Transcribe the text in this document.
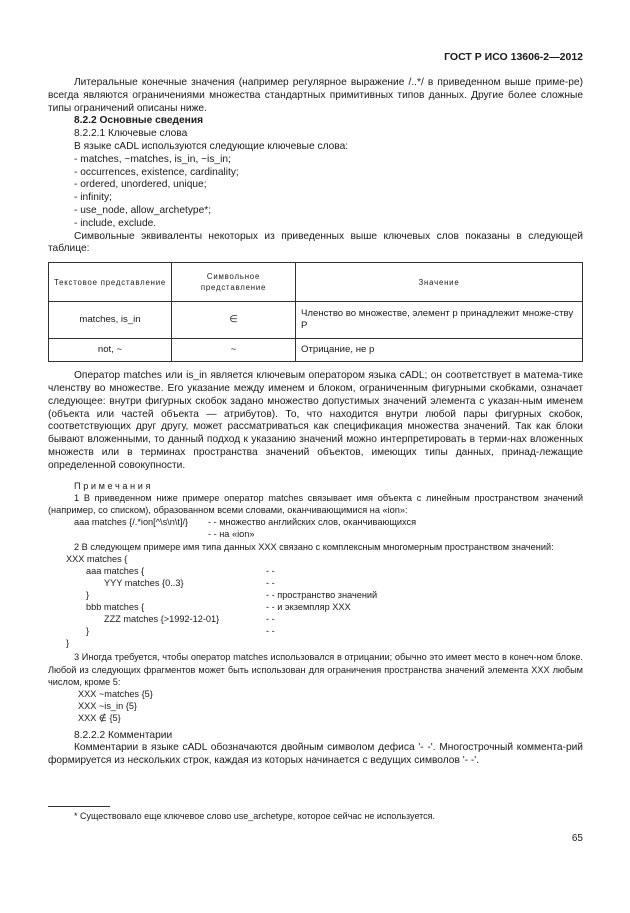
ГОСТ Р ИСО 13606-2—2012

Литеральные конечные значения (например регулярное выражение /..*/ в приведенном выше приме-ре) всегда являются ограничениями множества стандартных примитивных типов данных. Другие более сложные типы ограничений описаны ниже.

8.2.2 Основные сведения

8.2.2.1 Ключевые слова

В языке cADL используются следующие ключевые слова:

- matches, ~matches, is_in, ~is_in;

- occurrences, existence, cardinality;

- ordered, unordered, unique;

- infinity;

- use_node, allow_archetype*;

- include, exclude.

Символьные эквиваленты некоторых из приведенных выше ключевых слов показаны в следующей таблице:

Текстовое представление	Символьное представление	Значение
matches, is_in	∈	Членство во множестве, элемент p принадлежит множе-ству P
not, ~	~	Отрицание, не p

Оператор matches или is_in является ключевым оператором языка cADL; он соответствует в матема-тике членству во множестве. Его указание между именем и блоком, ограниченным фигурными скобками, означает следующее: внутри фигурных скобок задано множество допустимых значений элемента с указан-ным именем (объекта или частей объекта — атрибутов). То, что находится внутри любой пары фигурных скобок, соответствующих друг другу, может рассматриваться как спецификация множества значений. Так как блоки бывают вложенными, то данный подход к указанию значений можно интерпретировать в терми-нах вложенных множеств или в терминах пространства значений объектов, имеющих типы данных, принад-лежащие определенной совокупности.

Примечания

1 В приведенном ниже примере оператор matches связывает имя объекта с линейным пространством значений (например, со списком), образованном всеми словами, оканчивающимися на «ion»:

aaa matches {/.*ion[^\s\n\t]/} - - множество английских слов, оканчивающихся
- - на «ion»

2 В следующем примере имя типа данных XXX связано с комплексным многомерным пространством значений:

XXX matches {
aaa matches {	- -
YYY matches {0..3}	- -
}	- - пространство значений
bbb matches {	- - и экземпляр XXX
ZZZ matches {>1992-12-01}	- -
}	- -
}

3 Иногда требуется, чтобы оператор matches использовался в отрицании; обычно это имеет место в конеч-ном блоке. Любой из следующих фрагментов может быть использован для ограничения пространства значений элемента XXX любым числом, кроме 5:

XXX ~matches {5}

XXX ~is_in {5}

XXX ∉ {5}

8.2.2.2 Комментарии

Комментарии в языке cADL обозначаются двойным символом дефиса '- -'. Многострочный коммента-рий формируется из нескольких строк, каждая из которых начинается с ведущих символов '- -'.

* Существовало еще ключевое слово use_archetype, которое сейчас не используется.
65
